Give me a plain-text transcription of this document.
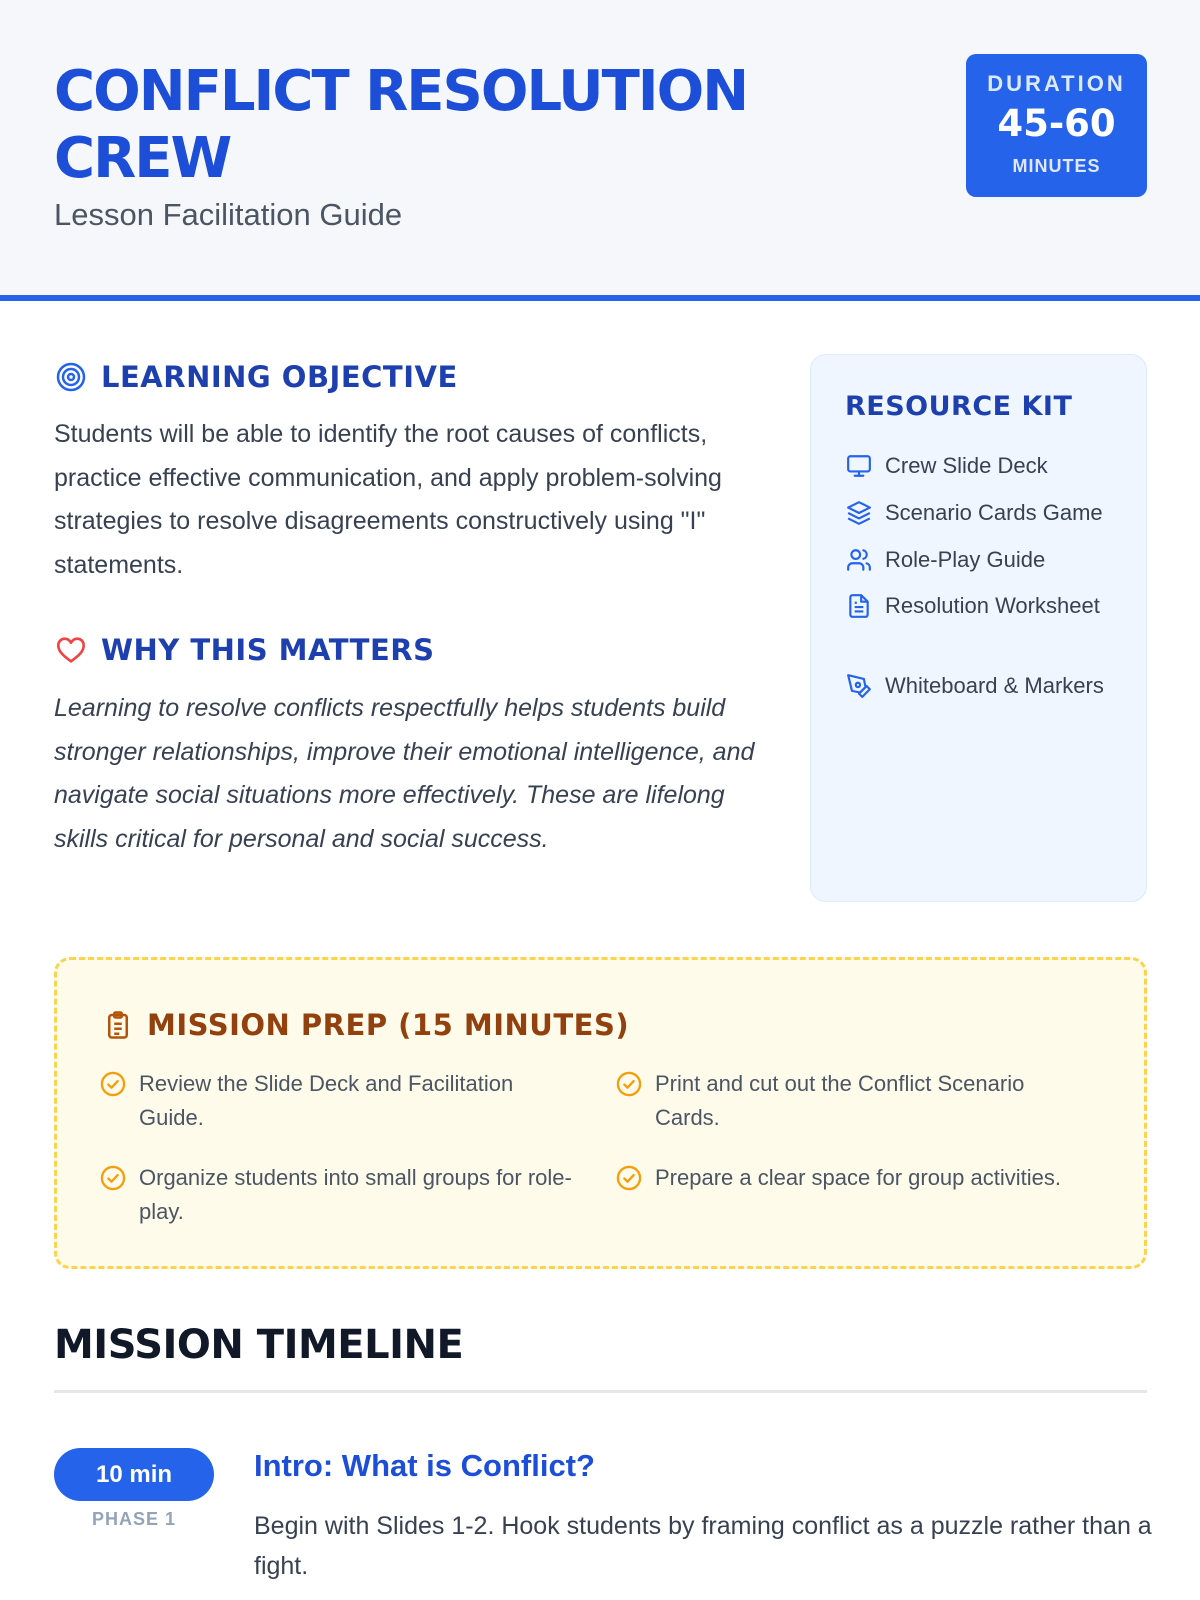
CONFLICT RESOLUTION CREW
Lesson Facilitation Guide
DURATION
45-60
MINUTES
LEARNING OBJECTIVE
Students will be able to identify the root causes of conflicts, practice effective communication, and apply problem-solving strategies to resolve disagreements constructively using "I" statements.
WHY THIS MATTERS
Learning to resolve conflicts respectfully helps students build stronger relationships, improve their emotional intelligence, and navigate social situations more effectively. These are lifelong skills critical for personal and social success.
RESOURCE KIT
Crew Slide Deck
Scenario Cards Game
Role-Play Guide
Resolution Worksheet
Whiteboard & Markers
MISSION PREP (15 MINUTES)
Review the Slide Deck and Facilitation Guide.
Print and cut out the Conflict Scenario Cards.
Organize students into small groups for role-play.
Prepare a clear space for group activities.
MISSION TIMELINE
10 min
PHASE 1
Intro: What is Conflict?
Begin with Slides 1-2. Hook students by framing conflict as a puzzle rather than a fight.
